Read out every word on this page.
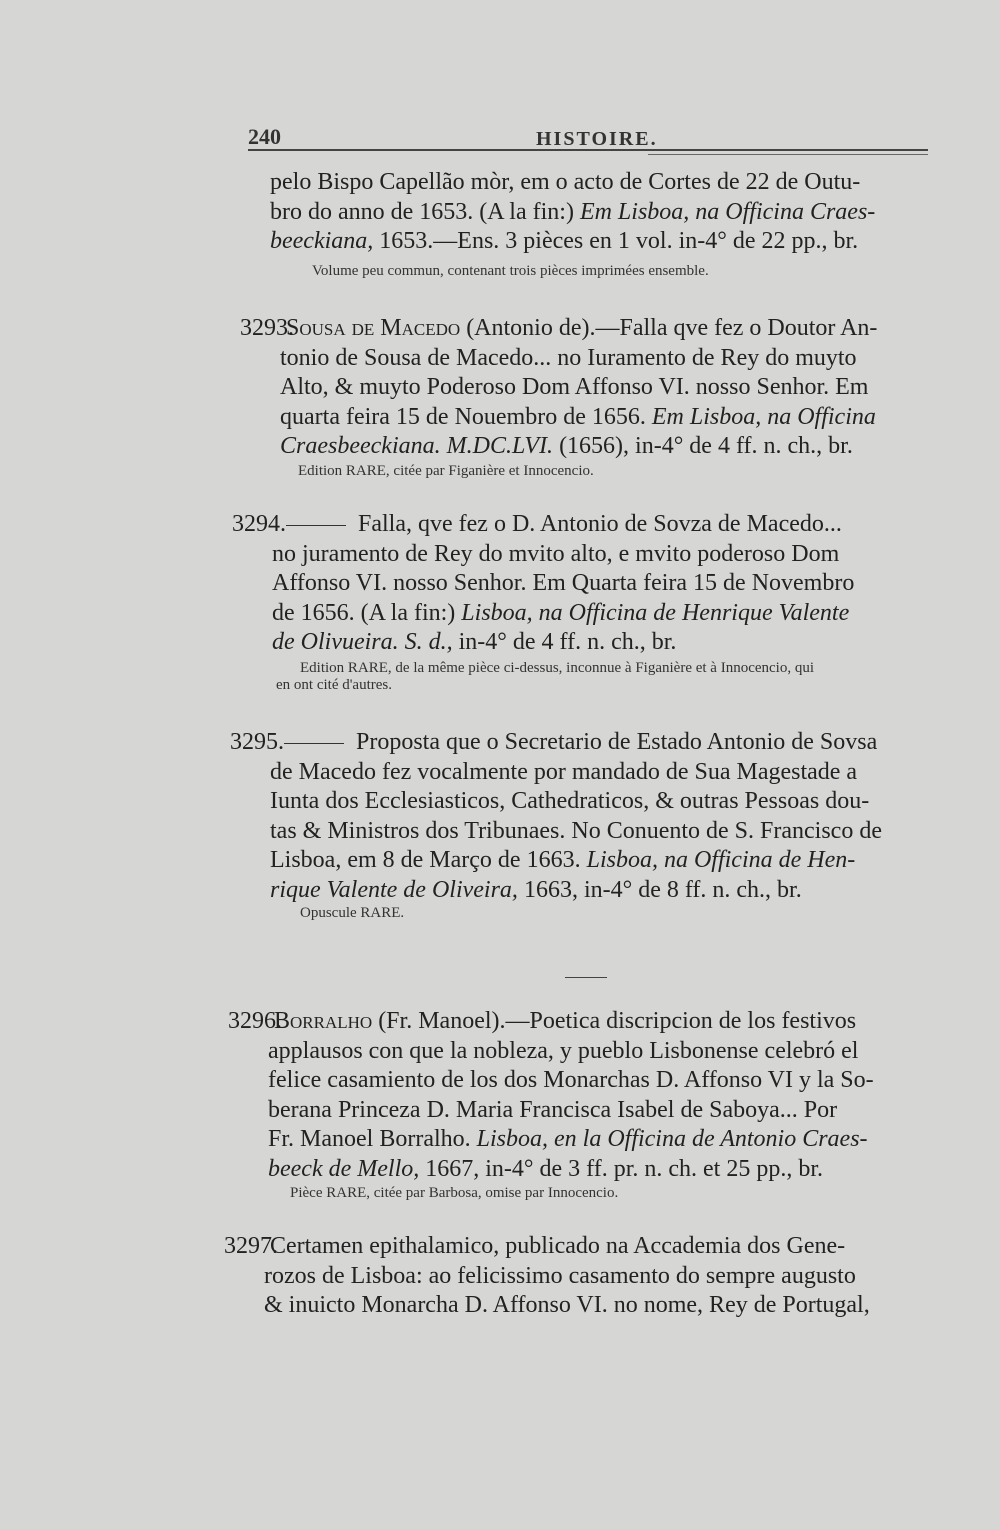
240	HISTOIRE.
pelo Bispo Capellão mòr, em o acto de Cortes de 22 de Outu-
bro do anno de 1653. (A la fin:) Em Lisboa, na Officina Craes-
beeckiana, 1653.—Ens. 3 pièces en 1 vol. in-4° de 22 pp., br.
Volume peu commun, contenant trois pièces imprimées ensemble.
3293. Sousa de Macedo (Antonio de).—Falla qve fez o Doutor An-
tonio de Sousa de Macedo... no Iuramento de Rey do muyto
Alto, & muyto Poderoso Dom Affonso VI. nosso Senhor. Em
quarta feira 15 de Nouembro de 1656. Em Lisboa, na Officina
Craesbeeckiana. M.DC.LVI. (1656), in-4° de 4 ff. n. ch., br.
Edition RARE, citée par Figanière et Innocencio.
3294.	Falla, qve fez o D. Antonio de Sovza de Macedo...
no juramento de Rey do mvito alto, e mvito poderoso Dom
Affonso VI. nosso Senhor. Em Quarta feira 15 de Novembro
de 1656. (A la fin:) Lisboa, na Officina de Henrique Valente
de Olivueira. S. d., in-4° de 4 ff. n. ch., br.
Edition RARE, de la même pièce ci-dessus, inconnue à Figanière et à Innocencio, qui
en ont cité d'autres.
3295.	Proposta que o Secretario de Estado Antonio de Sovsa
de Macedo fez vocalmente por mandado de Sua Magestade a
Iunta dos Ecclesiasticos, Cathedraticos, & outras Pessoas dou-
tas & Ministros dos Tribunaes. No Conuento de S. Francisco de
Lisboa, em 8 de Março de 1663. Lisboa, na Officina de Hen-
rique Valente de Oliveira, 1663, in-4° de 8 ff. n. ch., br.
Opuscule RARE.
3296. Borralho (Fr. Manoel).—Poetica discripcion de los festivos
applausos con que la nobleza, y pueblo Lisbonense celebró el
felice casamiento de los dos Monarchas D. Affonso VI y la So-
berana Princeza D. Maria Francisca Isabel de Saboya... Por
Fr. Manoel Borralho. Lisboa, en la Officina de Antonio Craes-
beeck de Mello, 1667, in-4° de 3 ff. pr. n. ch. et 25 pp., br.
Pièce RARE, citée par Barbosa, omise par Innocencio.
3297. Certamen epithalamico, publicado na Accademia dos Gene-
rozos de Lisboa: ao felicissimo casamento do sempre augusto
& inuicto Monarcha D. Affonso VI. no nome, Rey de Portugal,
